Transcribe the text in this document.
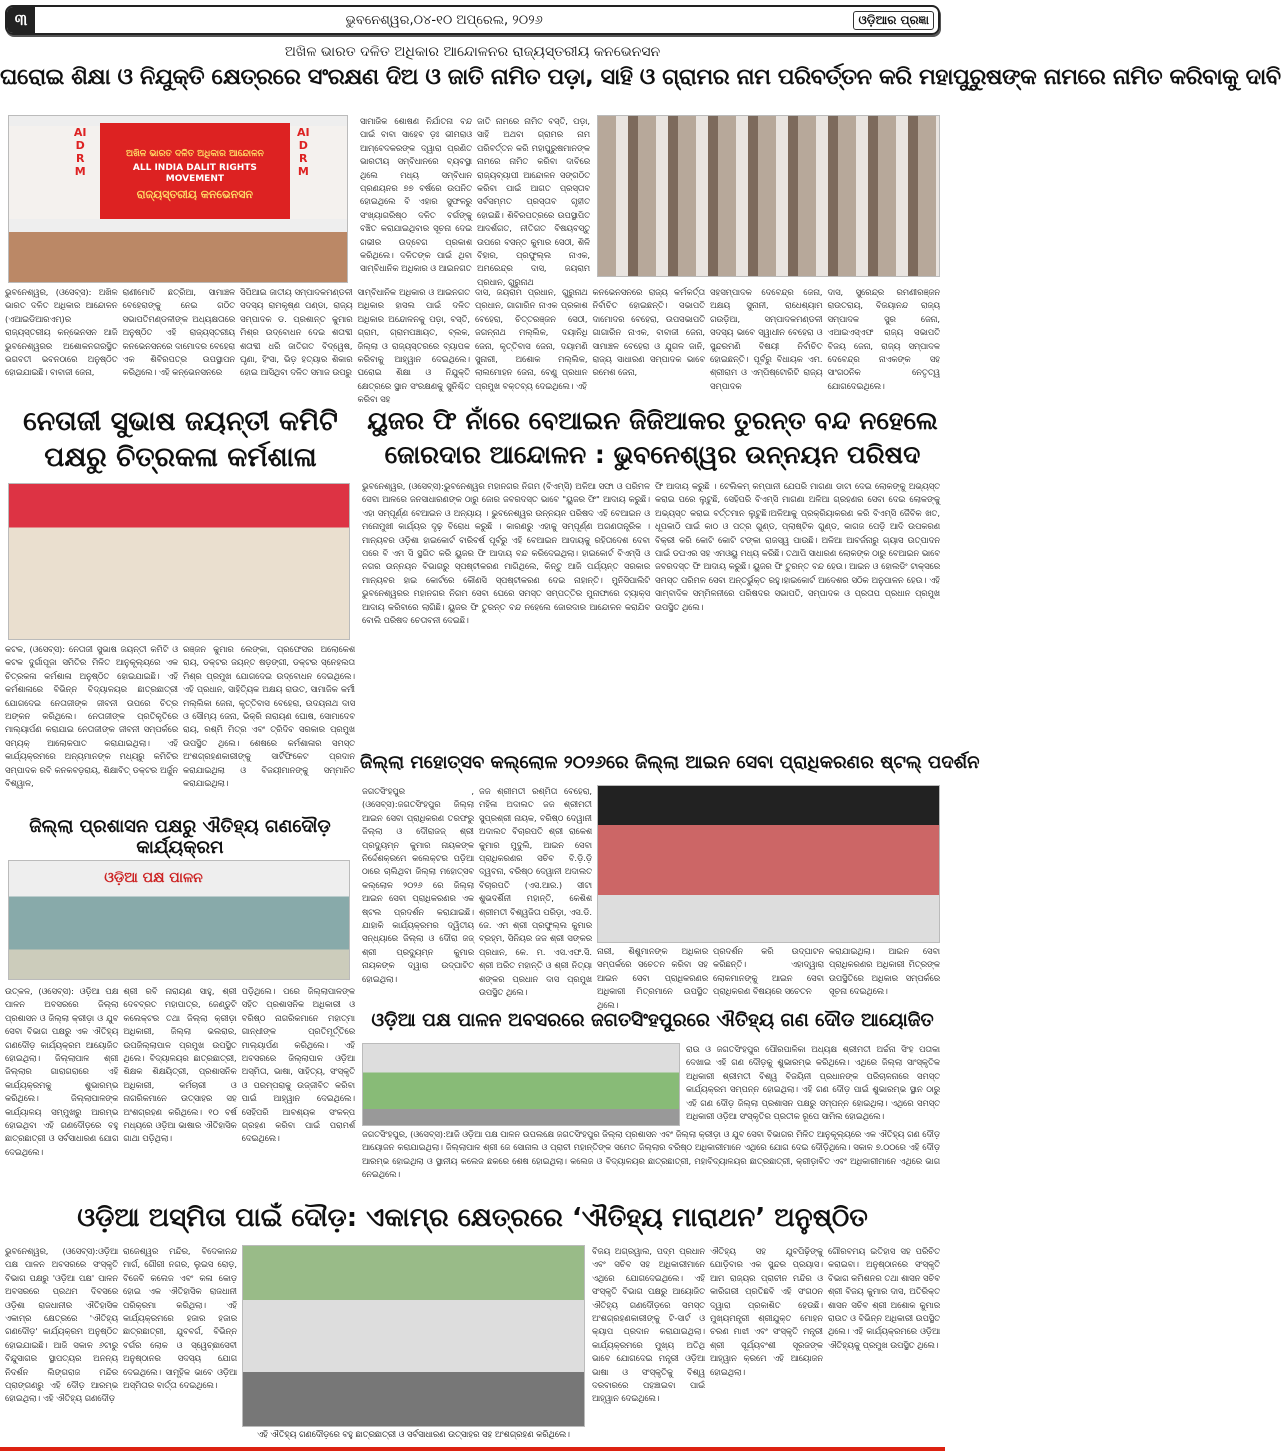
୩	ଭୁବନେଶ୍ୱର,୦୪-୧୦ ଅପ୍ରେଲ, ୨୦୨୬	ଓଡ଼ିଆର ପ୍ରଜ୍ଞା
ଅଖିଳ ଭାରତ ଦଳିତ ଅଧିକାର ଆନ୍ଦୋଳନର ରାଜ୍ୟସ୍ତରୀୟ କନଭେନସନ
ଘରୋଇ ଶିକ୍ଷା ଓ ନିଯୁକ୍ତି କ୍ଷେତ୍ରରେ ସଂରକ୍ଷଣ ଦିଅ ଓ ଜାତି ନାମିତ ପଡ଼ା, ସାହି ଓ ଗ୍ରାମର ନାମ ପରିବର୍ତ୍ତନ କରି ମହାପୁରୁଷଙ୍କ ନାମରେ ନାମିତ କରିବାକୁ ଦାବି
AIDRM
ଅଖିଳ ଭାରତ ଦଳିତ ଅଧିକାର ଆନ୍ଦୋଳନ
ALL INDIA DALIT RIGHTS MOVEMENT
ରାଜ୍ୟସ୍ତରୀୟ କନଭେନସନ
AIDRM
ସାମାଜିକ ଶୋଷଣ ନିର୍ଯାତନା ବନ୍ଦ ପାଇଁ ବାବା ସାହେବ ଡ଼ଃ ଭୀମରାଓ ଆମ୍ବେଦକରଙ୍କ ଦ୍ୱାରା ପ୍ରଣିତ ଭାରତୀୟ ସମ୍ବିଧାନରେ ବ୍ୟବସ୍ଥା ଥିଲେ ମଧ୍ୟ ସମ୍ବିଧାନ ପ୍ରଣୟନର ୭୭ ବର୍ଷରେ ଉପନିତ ହୋଇଥିଲେ ବି ଏହାର ସୁଫଳରୁ ସଂଖ୍ୟାଗରିଷ୍ଠ ଦଳିତ ବର୍ଗଙ୍କୁ ବଞ୍ଚିତ କରାଯାଇଥିବାର ସୂଚନା ଦେଇ ଗଭୀର ଉଦ୍‌ବେଗ ପ୍ରକାଶ କରିଥିଲେ। ଦଳିତଙ୍କ ପାଇଁ ଥିବା ସାମ୍ବିଧାନିକ ଅଧିକାର ଓ ଆଇନଗତ
ଜାତି ନାମରେ ନାମିତ ବସ୍ତି, ପଡ଼ା, ସାହି ଅଥବା ଗ୍ରାମର ନାମ ପରିବର୍ତ୍ତନ କରି ମହାପୁରୁଷମାନଙ୍କ ନାମରେ ନାମିତ କରିବା ଦାବିରେ ରାଜ୍ୟବ୍ୟାପୀ ଆନ୍ଦୋଳନ ସଙ୍ଗଠିତ କରିବା ପାଇଁ ଆଗତ ପ୍ରସ୍ତାବ ସର୍ବସମ୍ମତ ପ୍ରସ୍ତାବ ଗୃହୀତ ହୋଇଛି। ଶିବିରପତ୍ରରେ ଉପସ୍ଥାପିତ ଆଦର୍ଶଗତ, ନୀତିଗତ ବିଷୟବସ୍ତୁ ଉପରେ ବସନ୍ତ କୁମାର ସେଠୀ, ଶିଳି ବିହାର, ପ୍ରଫୁଲ୍ଲ ନାଏକ, ଅମରେନ୍ଦ୍ର ଦାସ, ଜୟରାମ ପ୍ରଧାନ, ଗୁରୁନାଥ
ଭୁବନେଶ୍ୱର, (ଓସେବ୍ସ): ଅଖିଳ ଭାରତ ଦଳିତ ଅଧିକାର ଆନ୍ଦୋଳନ (ଏଆଇଡିଆରଏମ୍)ର ରାଜ୍ୟସ୍ତରୀୟ କନ୍‌ଭେନସନ ଆଜି ଭୁବନେଶ୍ୱରର ଅଶୋକନଗରସ୍ଥିତ ଭଗବତୀ ଭବନଠାରେ ଅନୁଷ୍ଠିତ ହୋଇଯାଇଛି। ବାବାଜୀ ଜେନା,
ରାଣୀମୋତି ଛତ୍ରିଆ, ସାମାଞ୍ଚଳ ବେହେରାଙ୍କୁ ନେଇ ଗଠିତ ସଭାପତିମଣ୍ଡଳୀଙ୍କ ଅଧ୍ୟକ୍ଷତାରେ ଅନୁଷ୍ଠିତ ଏହି ରାଜ୍ୟସ୍ତରୀୟ କନଭେନସନରେ ଦାମୋଦର ବେହେରା ଏକ ଶିବିରପତ୍ର ଉପସ୍ଥାପନ କରିଥିଲେ। ଏହି କନ୍‌ଭେନସନରେ
ସିପିଆଇ ଜାତୀୟ ସମ୍ପାଦକମଣ୍ଡଳୀ ସଦସ୍ୟ ରାମକୃଷ୍ଣ ପଣ୍ଡା, ରାଜ୍ୟ ସମ୍ପାଦକ ଡ. ପ୍ରଶାନ୍ତ କୁମାର ମିଶ୍ର ଉଦ୍‌ବୋଧନ ଦେଇ ଶତାବ୍ଦୀ ଶତାବ୍ଦୀ ଧରି ଜାତିଗତ ବିଦ୍ୱେଷ, ଘୃଣା, ହିଂସା, ଭିଡ଼ ହତ୍ୟାର ଶିକାର ହୋଇ ଆସିଥିବା ଦଳିତ ସମାଜ ଉପରୁ
ସାମ୍ବିଧାନିକ ଅଧିକାର ଓ ଆଇନଗତ ଅଧିକାର ହାସଲ ପାଇଁ ଦଳିତ ଅଧିକାର ଅନ୍ଦୋଳନକୁ ପଡ଼ା, ବସ୍ତି, ଗ୍ରାମ, ଗ୍ରାମପଞ୍ଚାୟତ, ବ୍ଲକ, ଜିଲ୍ଲା ଓ ରାଜ୍ୟସ୍ତରରେ ବ୍ୟାପକ କରିବାକୁ ଆହ୍ୱାନ ଦେଇଥିଲେ। ଘରୋଇ ଶିକ୍ଷା ଓ ନିଯୁକ୍ତି କ୍ଷେତ୍ରରେ ସ୍ଥାନ ସଂରକ୍ଷଣକୁ ସୁନିଶ୍ଚିତ କରିବା ସହ
ଦାସ, ଜୟରାମ ପ୍ରଧାନ, ଗୁରୁନାଥ ପ୍ରଧାନ, ଗାଗାରିନ ନାଏକ ପ୍ରକାଶ ବେହେରା, ଚିତ୍ତରଞ୍ଜନ ସେଠୀ, ଜଗନ୍ନାଥ ମଲ୍ଲିକ, ଦୟାନିଧି ଜେନା, କୃତ୍ତିବାସ ଜେନା, ଦୟାମଣି ସୁନାରୀ, ଅଶୋକ ମଲ୍ଲିକ, ଲାଲମୋହନ ଜେନା, ବେଣୁ ପ୍ରଧାନ ପ୍ରମୁଖ ବକ୍ତବ୍ୟ ଦେଇଥିଲେ। ଏହି
କନଭେନସନରେ ରାଜ୍ୟ କର୍ମକର୍ତ୍ତା ନିର୍ବାଚିତ ହୋଇଛନ୍ତି। ସଭାପତି ଦାମୋଦର ବେହେରା, ଉପସଭାପତି ଗାଗାରିନ ନାଏକ, ବାବାଜୀ ଜେନା, ସାମାଞ୍ଚଳ ବେହେରା ଓ ଯୁଗଳ ଜାନି, ରାଜ୍ୟ ସାଧାରଣ ସମ୍ପାଦକ ଭାବେ ରମେଶ ଜେନା,
ସହସମ୍ପାଦକ ଦେବେନ୍ଦ୍ର ଜେନା, ଅକ୍ଷୟ ସୁନାନୀ, ରାଧେଶ୍ୟାମ ଗଉଡ଼ିଆ, ସମ୍ପାଦକମଣ୍ଡଳୀ ସଦସ୍ୟ ଭାବେ ସ୍ୱାଧୀନ ବେହେରା ଓ ସୁନ୍ଦରମଣି ବିଷୟୀ ନିର୍ବାଚିତ ହୋଇଛନ୍ତି। ପୂର୍ବରୁ ବିଧାୟକ ଏମ. ଶ୍ରୀରାମ ଓ ଏମ୍ପିଷ୍ଟୋରିଟି ରାଜ୍ୟ ସମ୍ପାଦକ
ଦାସ, ସୁରେନ୍ଦ୍ର ରମଣୀରଞ୍ଜନ ରାଉତରାୟ, ବିଜୟାନନ୍ଦ ରାଜ୍ୟ ସମ୍ପାଦକ ସୁର ଜେନା, ଏଆଇଏସ୍‌ଏଫ ରାଜ୍ୟ ସଭାପତି ବିଜୟ ଜେନା, ରାଜ୍ୟ ସମ୍ପାଦକ ଦେବେନ୍ଦ୍ର ନାଏକଙ୍କ ସହ ସାଂଗଠନିକ ନେତୃତ୍ୱ ଯୋଗଦେଇଥିଲେ।
ନେତାଜୀ ସୁଭାଷ ଜୟନ୍ତୀ କମିଟି ପକ୍ଷରୁ ଚିତ୍ରକଳା କର୍ମଶାଳା
କଟକ, (ଓସେବ୍ସ): ନେତାଜୀ ସୁଭାଷ ଜୟନ୍ତୀ କମିଟି ଓ କଟକ ଦୁର୍ଗାପୂଜା ସମିତିର ମିଳିତ ଆନୁକୂଲ୍ୟରେ ଏକ ଚିତ୍ରକଳା କର୍ମଶାଳା ଅନୁଷ୍ଠିତ ହୋଇଯାଇଛି। ଏହି କର୍ମଶାଳାରେ ବିଭିନ୍ନ ବିଦ୍ୟାଳୟର ଛାତ୍ରଛାତ୍ରୀ ଯୋଗଦେଇ ନେତାଜୀଙ୍କ ଜୀବନୀ ଉପରେ ଚିତ୍ର ଅଙ୍କନ କରିଥିଲେ। ନେତାଜୀଙ୍କ ପ୍ରତିକୃତିରେ ମାଲ୍ୟାର୍ପଣ କରାଯାଇ ନେତାଜୀଙ୍କ ଜୀବନୀ ସମ୍ପର୍କରେ ସମ୍ୟକ୍ ଆଲୋକପାତ କରାଯାଇଥିଲା। ଏହି କାର୍ଯ୍ୟକ୍ରମରେ ଅନ୍ୟମାନଙ୍କ ମଧ୍ୟରୁ କମିଟିର ସମ୍ପାଦକ ରବି କନକବଡ଼ରାୟ, ଶିକ୍ଷାବିତ୍ ଡକ୍ଟର ଅର୍ଜୁନ ବିଶ୍ୱାଳ,
ରଞ୍ଜନ କୁମାର ଲେଙ୍କା, ପ୍ରଫେସର ଅଲୋକେଶ ରାୟ, ଡକ୍ଟର ଜୟନ୍ତ ଷଡ଼ଙ୍ଗୀ, ଡକ୍ଟର ସ୍ନେହଲତା ମିଶ୍ର ପ୍ରମୁଖ ଯୋଗଦେଇ ଉଦ୍‌ବୋଧନ ଦେଇଥିଲେ। ଏହି ପ୍ରଧାନ, ସାହିତ୍ୟିକ ଅକ୍ଷୟ ରାଉତ, ସାମାଜିକ କର୍ମୀ ମଲ୍ଲିକା ଜେନା, କୃତ୍ତିବାସ ବେହେରା, ଉଦୟନାଥ ଦାସ ଓ ସୌମ୍ୟ ଜେନା, ଭିକ୍ରି ନାରାୟଣ ଘୋଷ, ସୋମାଦେବ ରାୟ, ରଶ୍ମି ମିତ୍ର ଏବଂ ତ୍ରିଦିବ ସରକାର ପ୍ରମୁଖ ଉପସ୍ଥିତ ଥିଲେ। ଶେଷରେ କର୍ମଶାଳାର ସମସ୍ତ ଅଂଶଗ୍ରହଣକାରୀଙ୍କୁ ସାର୍ଟିଫିକେଟ ପ୍ରଦାନ କରାଯାଇଥିଲା ଓ ବିଜୟୀମାନଙ୍କୁ ସମ୍ମାନିତ କରାଯାଇଥିଲା।
ୟୁଜର ଫି ନାଁରେ ବେଆଇନ ଜିଜିଆକର ତୁରନ୍ତ ବନ୍ଦ ନହେଲେ ଜୋରଦାର ଆନ୍ଦୋଳନ : ଭୁବନେଶ୍ୱର ଉନ୍ନୟନ ପରିଷଦ
ଭୁବନେଶ୍ୱର, (ଓସେବ୍ସ):ଭୁବନେଶ୍ୱର ମହାନଗର ନିଗମ (ବିଏମ୍‌ସି) ଅଳିଆ ସଫା ଓ ପରିମଳ ସେବା ଆଳରେ ଜନସାଧାରଣଙ୍କ ଠାରୁ ଜୋର ଜବରଦସ୍ତ ଭାବେ "ୟୁଜର ଫି" ଆଦାୟ କରୁଛି। ଏହା ସମ୍ପୂର୍ଣ୍ଣ ବେଆଇନ ଓ ଅନ୍ୟାୟ । ଭୁବନେଶ୍ୱର ଉନ୍ନୟନ ପରିଷଦ ଏହି ବେଆଇନ ଓ ମନୋମୁଖୀ କାର୍ଯ୍ୟର ଦୃଢ଼ ବିରୋଧ କରୁଛି । କାରଣରୁ ଏହାକୁ ସମ୍ପୂର୍ଣ୍ଣ ଅଗଣତାନ୍ତ୍ରିକ ।ମାନ୍ୟବର ଓଡ଼ିଶା ହାଇକୋର୍ଟ ବାରିବର୍ଷ ପୂର୍ବରୁ ଏହି ବେଆଇନ ଆଦାୟକୁ ରହିତାଦେଶ ଦେବା ପରେ ବି ଏମ ସି ସ୍ଥଗିତ କରି ୟୁଜର ଫି ଆଦାୟ ବନ୍ଦ କରିଦେଇଥିଲା। ହାଇକୋର୍ଟ ବିଏମ୍‌ସି ଓ ନଗର ଉନ୍ନୟନ ବିଭାଗରୁ ସ୍ପଷ୍ଟୀକରଣ ମାଗିଥିଲେ, କିନ୍ତୁ ଆଜି ପର୍ଯ୍ୟନ୍ତ ସରକାର ମାନ୍ୟବର ହାଇ କୋର୍ଟରେ କୌଣସି ସ୍ପଷ୍ଟୀକରଣ ଦେଇ ନାହାନ୍ତି। ମୁନିସିପାଲିଟି ଭୁବନେଶ୍ୱରର ମହାନଗର ନିଗମ ସେବା ଘେରେ ସମସ୍ତ ସମ୍ପତ୍ତିର ମୁନାଫାରେ ଟ୍ୟାକ୍ସ ଆଦାୟ କରିବାରେ ଲାଗିଛି। ୟୁଜର ଫି ତୁରନ୍ତ ବନ୍ଦ ନହେଲେ ଜୋରଦାର ଆନ୍ଦୋଳନ କରାଯିବ ବୋଲି ପରିଷଦ ଚେତାବନୀ ଦେଇଛି।
ଫି ଆଦାୟ କରୁଛି । ଟେଲିକମ୍ କମ୍ପାନୀ ଯେପରି ମାଗଣା ଡାଟା ଦେଇ ଲୋକଙ୍କୁ ଅଭ୍ୟସ୍ତ କରାଇ ପରେ ଲୁଟୁଛି, ସେହିପରି ବିଏମ୍‌ସି ମାଗଣା ଅଳିଆ ଗ୍ରହଣର ସେବା ଦେଇ ଲୋକଙ୍କୁ ଅଭ୍ୟସ୍ତ କରାଇ ବର୍ତ୍ତମାନ ଲୁଟୁଛି।ଅଳିଆକୁ ପ୍ରକ୍ରିୟାକରଣ କରି ବିଏମ୍‌ସି ଜୈବିକ ଖତ, ଧୂପକାଠି ପାଇଁ କାଠ ଓ ପତ୍ର ଗୁଣ୍ଡ, ପ୍ଲାଷ୍ଟିକ ଗୁଣ୍ଡ, କାଗଜ ପେଡ଼ି ଆଦି ଉପକରଣ ବିକ୍ରୀ କରି କୋଟି କୋଟି ଟଙ୍କା ରାଜସ୍ୱ ପାଉଛି। ଅଳିଆ ଆବର୍ଜନାରୁ ଗ୍ୟାସ ଉତ୍ପାଦନ ପାଇଁ ଡଘଏର ସହ ଏମଓୟୁ ମଧ୍ୟ କରିଛି। ତଥାପି ସାଧାରଣ ଲୋକଙ୍କ ଠାରୁ ବେଆଇନ ଭାବେ ଜବରଦସ୍ତ ଫି ଆଦାୟ କରୁଛି। ୟୁଜର ଫି ତୁରନ୍ତ ବନ୍ଦ ହେଉ। ଆଇନ ଓ ହୋଲଡିଂ ଟାକ୍ସରେ ସମସ୍ତ ପରିମଳ ସେବା ଅନ୍ତର୍ଭୁକ୍ତ ରହୁ।ହାଇକୋର୍ଟ ଆଦେଶର ସଠିକ ଅନୁପାଳନ ହେଉ। ଏହି ସାମ୍ବାଦିକ ସମ୍ମିଳନୀରେ ପରିଷଦର ସଭାପତି, ସମ୍ପାଦକ ଓ ପ୍ରତାପ ପ୍ରଧାନ ପ୍ରମୁଖ ଉପସ୍ଥିତ ଥିଲେ।
ଜିଲ୍ଲା ମହୋତ୍ସବ କଲ୍ଲୋଳ ୨୦୨୬ରେ ଜିଲ୍ଲା ଆଇନ ସେବା ପ୍ରାଧିକରଣର ଷ୍ଟଲ୍ ପଦର୍ଶନ
ଜଗତସିଂହପୁର , (ଓସେବ୍ସ):ଜଗତସିଂହପୁର ଜିଲ୍ଲା ଆଇନ ସେବା ପ୍ରାଧିକରଣ ତରଫରୁ ଜିଲ୍ଲା ଓ ଦୌରାଜଜ୍ ଶ୍ରୀ ପ୍ରଦ୍ୟୁମ୍ନ କୁମାର ନାୟକଙ୍କ ନିର୍ଦ୍ଦେଶକ୍ରମେ କଲେକ୍ଟର ପଡ଼ିଆ ଠାରେ ଚାଲିଥିବା ଜିଲ୍ଲା ମହୋତ୍ସବ କଲ୍ଲୋଳ ୨୦୨୬ ରେ ଜିଲ୍ଲା ଆଇନ ସେବା ପ୍ରାଧିକରଣର ଏକ ଷ୍ଟଲ ପ୍ରଦର୍ଶନ କରାଯାଇଛି। ଯାହାକି କାର୍ଯ୍ୟକ୍ରମର ଦ୍ୱିତୀୟ ସନ୍ଧ୍ୟାରେ ଜିଲ୍ଲା ଓ ଦୌରା ଜଜ୍ ଶ୍ରୀ ପ୍ରଦ୍ୟୁମ୍ନ କୁମାର ନାୟକଙ୍କ ଦ୍ୱାରା ଉଦ୍‌ଘାଟିତ ହୋଇଥିଲା।
ଜଜ ଶ୍ରୀମତୀ ରଶ୍ମିତା ବେହେରା, ମହିଳା ଅଦାଲତ ଜଜ ଶ୍ରୀମତୀ ସୁପ୍ରଶ୍ରୀ ନାୟକ, ବରିଷ୍ଠ ଦେୱାନୀ ଅଦାଲତ ବିଚାରପତି ଶ୍ରୀ ରାକେଶ କୁମାର ମୁଦୁଲି, ଆଇନ ସେବା ପ୍ରାଧିକରଣର ସଚିବ ବି.ଡ଼ି.ଡ଼ି ଦ୍ୱବନା, ବରିଷ୍ଠ ଦେୱାନୀ ଅଦାଲତ ବିଚାରପତି (ଏସ.ଆର.) ସୀଟା ଶୁଭଦର୍ଶିନୀ ମହାନ୍ତି, କେଶିଶ ଶ୍ରୀମତୀ ବିଶ୍ୱଜିତା ପରିଡ଼ା, ଏସ.ଡି. ଜେ. ଏମ ଶ୍ରୀ ପ୍ରଫୁଲ୍ଲ କୁମାର ବ୍ରହ୍ମ, ସିନିୟର ଜଜ ଶ୍ରୀ ସଙ୍କର ପ୍ରଧାନ, କେ. ମ. ଏସ.ଏଫ.ସି. ଶ୍ରୀ ଅରିତ ମହାନ୍ତି ଓ ଶ୍ରୀ ନିତ୍ୟା ଶଙ୍କର ପ୍ରଧାନ ଦାସ ପ୍ରମୁଖ ଉପସ୍ଥିତ ଥିଲେ।
ନାରୀ, ଶିଶୁମାନଙ୍କ ଅଧିକାର ସମ୍ପର୍କରେ ସଚେତନ କରିବା ସହ ଆଇନ ସେବା ପ୍ରାଧିକରଣର ଅଧିକାରୀ ମିତ୍ରମାନେ ଉପସ୍ଥିତ ଥିଲେ।
ପ୍ରଦର୍ଶନ କରି ଉଦ୍‌ଘାଟନ କରିଛନ୍ତି। ଏହାଦ୍ୱାରା ଲୋକମାନଙ୍କୁ ଆଇନ ସେବା ପ୍ରାଧିକରଣ ବିଷୟରେ ସଚେତନ
କରାଯାଇଥିଲା। ଆଇନ ସେବା ପ୍ରାଧିକରଣର ଅଧିକାରୀ ମିତ୍ରଙ୍କ ଉପସ୍ଥିତିରେ ଅଧିକାର ସମ୍ପର୍କରେ ସୂଚନା ଦେଇଥିଲେ।
ଜିଲ୍ଲା ପ୍ରଶାସନ ପକ୍ଷରୁ ଐତିହ୍ୟ ଗଣଦୌଡ଼ କାର୍ଯ୍ୟକ୍ରମ
ଓଡ଼ିଆ ପକ୍ଷ ପାଳନ
ଉତ୍କଳ, (ଓସେବ୍ସ): ଓଡ଼ିଆ ପକ୍ଷ ପାଳନ ଅବସରରେ ଜିଲ୍ଲା ପ୍ରଶାସନ ଓ ଜିଲ୍ଲା କ୍ରୀଡ଼ା ଓ ଯୁବ ସେବା ବିଭାଗ ପକ୍ଷରୁ ଏକ ଐତିହ୍ୟ ଗଣଦୌଡ଼ କାର୍ଯ୍ୟକ୍ରମ ଆୟୋଜିତ ହୋଇଥିଲା। ଜିଲ୍ଲାପାଳ ଶ୍ରୀ ଜିଲ୍ଲାର ଗାରାଗରାରେ ଏହି କାର୍ଯ୍ୟକ୍ରମକୁ ଶୁଭାରମ୍ଭ କରିଥିଲେ। ଜିଲ୍ଲାପାଳଙ୍କ କାର୍ଯ୍ୟାଳୟ ସମ୍ମୁଖରୁ ଆରମ୍ଭ ହୋଇଥିବା ଏହି ଗଣଦୌଡ଼ରେ ବହୁ ଛାତ୍ରଛାତ୍ରୀ ଓ ସର୍ବସାଧାରଣ ଯୋଗ ଦେଇଥିଲେ।
ଶ୍ରୀ ରବି ନାରାୟଣ ସାହୁ, ଶ୍ରୀ ଦେବବ୍ରତ ମହାପାତ୍ର, ଜେଣ୍ଡୁଟି କଲେକ୍ଟର ତଥା ଜିଲ୍ଲା କ୍ରୀଡ଼ା ଅଧିକାରୀ, ଜିଲ୍ଲା ଭଲରାର, ଉପଜିଲ୍ଲାପାଳ ପ୍ରମୁଖ ଉପସ୍ଥିତ ଥିଲେ। ବିଦ୍ୟାଳୟର ଛାତ୍ରଛାତ୍ରୀ, ଶିକ୍ଷକ ଶିକ୍ଷୟିତ୍ରୀ, ପ୍ରଶାସନିକ ଅଧିକାରୀ, କର୍ମଚାରୀ ଓ ନାଗରିକମାନେ ଉତ୍ସାହର ସହ ଅଂଶଗ୍ରହଣ କରିଥିଲେ। ୧୦ ବର୍ଷ ମଧ୍ୟରେ ଓଡ଼ିଆ ଭାଷାର ଐତିହାସିକ ଗାଥା ପଡ଼ିଥିଲା।
ପଡ଼ିଥିଲେ। ପରେ ଜିଲ୍ଲାପାଳଙ୍କ ସହିତ ପ୍ରଶାସନିକ ଅଧିକାରୀ ଓ ବରିଷ୍ଠ ନାଗରିକମାନେ ମହାତ୍ମା ଗାନ୍ଧୀଙ୍କ ପ୍ରତିମୂର୍ତ୍ତିରେ ମାଲ୍ୟାର୍ପଣ କରିଥିଲେ। ଏହି ଅବସରରେ ଜିଲ୍ଲାପାଳ ଓଡ଼ିଆ ଅସ୍ମିତା, ଭାଷା, ସାହିତ୍ୟ, ସଂସ୍କୃତି ଓ ପରମ୍ପରାକୁ ଉଜ୍ଜୀବିତ କରିବା ପାଇଁ ଆହ୍ୱାନ ଦେଇଥିଲେ। ସେହିପରି ଆବଶ୍ୟକ ସଂକଳ୍ପ ଗ୍ରହଣ କରିବା ପାଇଁ ପରାମର୍ଶ ଦେଇଥିଲେ।
ଓଡ଼ିଆ ପକ୍ଷ ପାଳନ ଅବସରରେ ଜଗତସିଂହପୁରରେ ଐତିହ୍ୟ ଗଣ ଦୌଡ ଆୟୋଜିତ
ରାଉ ଓ ଜଗତସିଂହପୁର ପୌରପାଳିକା ଅଧ୍ୟକ୍ଷ ଶ୍ରୀମତୀ ଅର୍ଚ୍ଚନା ସିଂହ ପତାକା ଦେଖାଇ ଏହି ଗଣ ଦୌଡ଼କୁ ଶୁଭାରମ୍ଭ କରିଥିଲେ। ଏଥିରେ ଜିଲ୍ଲା ସାଂସ୍କୃତିକ ଅଧିକାରୀ ଶ୍ରୀମତୀ ବିଶ୍ୱ ବିଜୟିନୀ ପ୍ରଧାନଙ୍କ ପରିଚାଳନାରେ ସମସ୍ତ କାର୍ଯ୍ୟକ୍ରମ ସମ୍ପନ୍ନ ହୋଇଥିଲା। ଏହି ଗଣ ଦୌଡ଼ ପାଇଁ ଶୁଭାରମ୍ଭ ସ୍ଥାନ ଠାରୁ ଏହି ଗଣ ଦୌଡ଼ ଜିଲ୍ଲା ପ୍ରଶାସନ ପକ୍ଷରୁ ସମ୍ପନ୍ନ ହୋଇଥିଲା। ଏଥିରେ ସମସ୍ତ ଅଧିକାରୀ ଓଡ଼ିଆ ସଂସ୍କୃତିର ପ୍ରତୀକ ରୂପେ ସାମିଲ ହୋଇଥିଲେ।
ଜଗତସିଂହପୁର, (ଓସେବ୍ସ):ଆଜି ଓଡ଼ିଆ ପକ୍ଷ ପାଳନ ଉପଲକ୍ଷେ ଜଗତସିଂହପୁର ଜିଲ୍ଲା ପ୍ରଶାସନ ଏବଂ ଜିଲ୍ଲା କ୍ରୀଡ଼ା ଓ ଯୁବ ସେବା ବିଭାଗର ମିଳିତ ଆନୁକୂଲ୍ୟରେ ଏକ ଐତିହ୍ୟ ଗଣ ଦୌଡ଼ ଆୟୋଜନ କରାଯାଇଥିଲା। ଜିଲ୍ଲାପାଳ ଶ୍ରୀ ଜେ ସୋନାଲ ଓ ପ୍ରାଚୀ ମହାନ୍ତିଙ୍କ ସମେତ ଜିଲ୍ଲାର ବରିଷ୍ଠ ଅଧିକାରୀମାନେ ଏଥିରେ ଯୋଗ ଦେଇ ଦୌଡ଼ିଥିଲେ। ସକାଳ ୭.୦୦ରେ ଏହି ଦୌଡ଼ ଆରମ୍ଭ ହୋଇଥିଲା ଓ ସ୍ଥାନୀୟ କଲେଜ ଛକରେ ଶେଷ ହୋଇଥିଲା। କଲେଜ ଓ ବିଦ୍ୟାଳୟର ଛାତ୍ରଛାତ୍ରୀ, ମହାବିଦ୍ୟାଳୟର ଛାତ୍ରଛାତ୍ରୀ, କ୍ରୀଡ଼ାବିତ ଏବଂ ଅଧିକାରୀମାନେ ଏଥିରେ ଭାଗ ନେଇଥିଲେ।
ଓଡ଼ିଆ ଅସ୍ମିତା ପାଇଁ ଦୌଡ଼: ଏକାମ୍ର କ୍ଷେତ୍ରରେ ‘ଐତିହ୍ୟ ମାରାଥନ’ ଅନୁଷ୍ଠିତ
ଭୁବନେଶ୍ୱର, (ଓସେବ୍ସ):ଓଡ଼ିଆ ପକ୍ଷ ପାଳନ ଅବସରରେ ସଂସ୍କୃତି ବିଭାଗ ପକ୍ଷରୁ 'ଓଡ଼ିଆ ପକ୍ଷ' ପାଳନ ଅବସରରେ ପ୍ରଥମ ଦିବସରେ ଓଡ଼ିଶା ରାଜଧାନୀର ଐତିହାସିକ ଏକାମ୍ର କ୍ଷେତ୍ରରେ 'ଐତିହ୍ୟ ଗଣଦୌଡ଼' କାର୍ଯ୍ୟକ୍ରମ ଅନୁଷ୍ଠିତ ହୋଇଯାଇଛି। ଆଜି ସକାଳ ୬ଟାରୁ ବିନ୍ଦୁସାଗର ସ୍ଥାପତ୍ୟର ଅନନ୍ୟ ନିଦର୍ଶନ ଲିଙ୍ଗରାଜ ମନ୍ଦିର ପ୍ରାଙ୍ଗଣରୁ ଏହି ଦୌଡ଼ ଆରମ୍ଭ ହୋଇଥିଲା। ଏହି ଐତିହ୍ୟ ଗଣଦୌଡ଼
ରାଜେଶ୍ୱର ମନ୍ଦିର, ବିଦେକାନନ୍ଦ ମାର୍ଗ, ଗୌରୀ ନଗର, ଲୁଇସ ରୋଡ଼, ବିଜେବି କଲେଜ ଏବଂ କଳା କୋଡ଼ ହୋଇ ଏକ ଐତିହାସିକ ରାଜଧାନୀ ପରିକ୍ରମା କରିଥିଲା। ଏହି କାର୍ଯ୍ୟକ୍ରମରେ ହଜାର ହଜାର ଛାତ୍ରଛାତ୍ରୀ, ଯୁବବର୍ଗ, ବିଭିନ୍ନ ବର୍ଗର ଲୋକ ଓ ସ୍ୱେଚ୍ଛାସେବୀ ଅନୁଷ୍ଠାନର ସଦସ୍ୟ ଯୋଗ ଦେଇଥିଲେ। ସାମୂହିକ ଭାବେ ଓଡ଼ିଆ ଅସ୍ମିତାର ବାର୍ତ୍ତା ଦେଇଥିଲେ।
ଏହି ଐତିହ୍ୟ ଗଣଦୌଡ଼ରେ ବହୁ ଛାତ୍ରଛାତ୍ରୀ ଓ ସର୍ବସାଧାରଣ ଉତ୍ସାହର ସହ ଅଂଶଗ୍ରହଣ କରିଥିଲେ।
ବିଜୟ ଅଗ୍ରୱାଲ, ପଦ୍ମ ପ୍ରଧାନ ଏବଂ ସଚିବ ସହ ଅଧିକାରୀମାନେ ଏଥିରେ ଯୋଗଦେଇଥିଲେ। ଏହି ସଂସ୍କୃତି ବିଭାଗ ପକ୍ଷରୁ ଆୟୋଜିତ ଐତିହ୍ୟ ଗଣଦୌଡ଼ରେ ସମସ୍ତ ଅଂଶଗ୍ରହଣକାରୀଙ୍କୁ ଟି-ସାର୍ଟ ଓ କ୍ୟାପ ପ୍ରଦାନ କରାଯାଇଥିଲା। କାର୍ଯ୍ୟକ୍ରମରେ ମୁଖ୍ୟ ଅତିଥି ଭାବେ ଯୋଗଦେଇ ମନ୍ତ୍ରୀ ଓଡ଼ିଆ ଭାଷା ଓ ସଂସ୍କୃତିକୁ ବିଶ୍ୱ ଦରବାରରେ ପହଞ୍ଚାଇବା ପାଇଁ ଆହ୍ୱାନ ଦେଇଥିଲେ।
ଐତିହ୍ୟ ସହ ଯୁବପିଢ଼ିଙ୍କୁ ଯୋଡ଼ିବାର ଏକ ସୁନ୍ଦର ପ୍ରୟାସ। ଆମ ରାଜ୍ୟର ପ୍ରାଚୀନ ମନ୍ଦିର ଓ କାରିଗରୀ ପ୍ରତିଛବି ଏହି ସଂଗଠନ ଦ୍ୱାରା ପ୍ରକାଶିତ ହେଉଛି। ମୁଖ୍ୟମନ୍ତ୍ରୀ ଶ୍ରୀଯୁକ୍ତ ମୋହନ ଚରଣ ମାଝୀ ଏବଂ ସଂସ୍କୃତି ମନ୍ତ୍ରୀ ଶ୍ରୀ ସୂର୍ଯ୍ୟବଂଶୀ ସୂରଜଙ୍କ ଆହ୍ୱାନ କ୍ରମେ ଏହି ଆୟୋଜନ ହୋଇଥିଲା।
ଗୌରବମୟ ଇତିହାସ ସହ ପରିଚିତ କରାଇବା। ଅନୁଷ୍ଠାନରେ ସଂସ୍କୃତି ବିଭାଗ କମିଶନର ତଥା ଶାସନ ସଚିବ ଶ୍ରୀ ବିଜୟ କୁମାର ଦାସ, ଅତିରିକ୍ତ ଶାସନ ସଚିବ ଶ୍ରୀ ଅଶୋକ କୁମାର ରାଉତ ଓ ବିଭିନ୍ନ ଅଧିକାରୀ ଉପସ୍ଥିତ ଥିଲେ। ଏହି କାର୍ଯ୍ୟକ୍ରମରେ ଓଡ଼ିଆ ଐତିହ୍ୟକୁ ପ୍ରମୁଖ ଉପସ୍ଥିତ ଥିଲେ।
